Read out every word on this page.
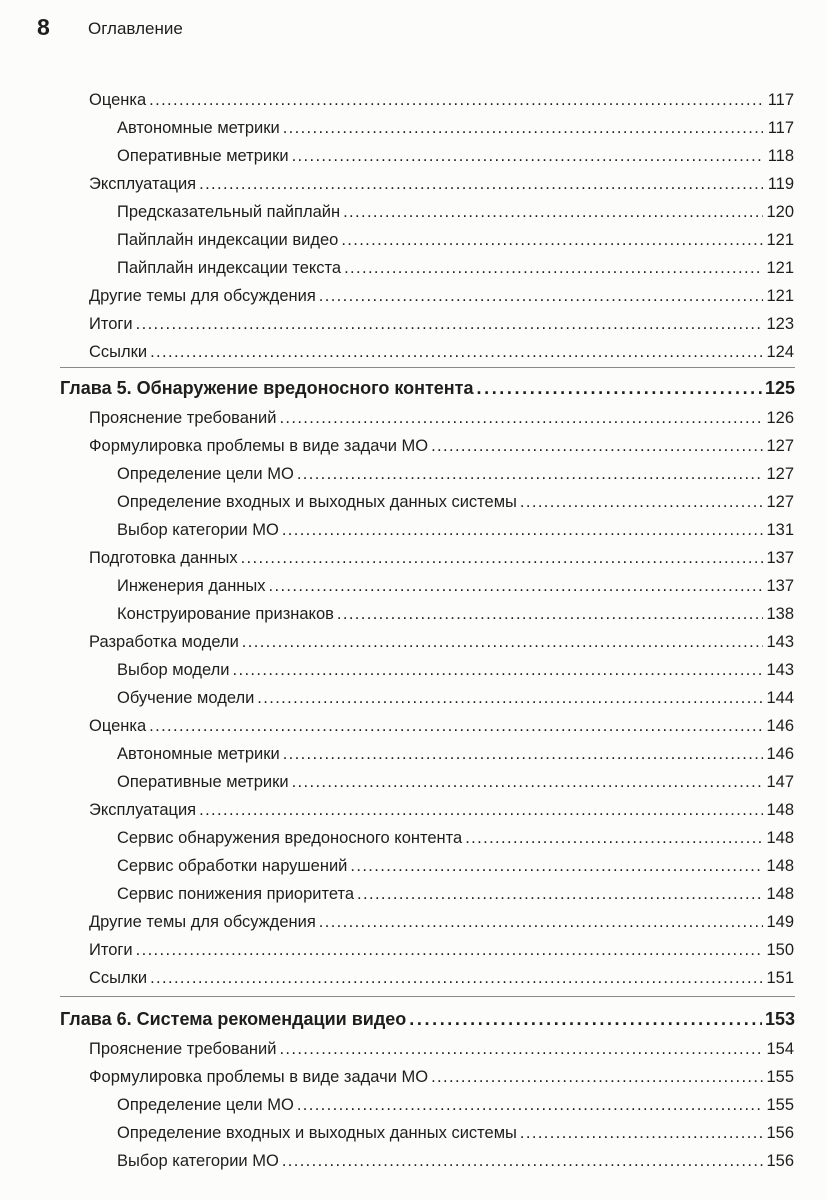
8 Оглавление
Оценка . . .	117
Автономные метрики . . .	117
Оперативные метрики . . .	118
Эксплуатация . . .	119
Предсказательный пайплайн . . .	120
Пайплайн индексации видео . . .	121
Пайплайн индексации текста . . .	121
Другие темы для обсуждения . . .	121
Итоги . . .	123
Ссылки . . .	124
Глава 5. Обнаружение вредоносного контента . . .	125
Прояснение требований . . .	126
Формулировка проблемы в виде задачи МО . . .	127
Определение цели МО . . .	127
Определение входных и выходных данных системы . . .	127
Выбор категории МО . . .	131
Подготовка данных . . .	137
Инженерия данных . . .	137
Конструирование признаков . . .	138
Разработка модели . . .	143
Выбор модели . . .	143
Обучение модели . . .	144
Оценка . . .	146
Автономные метрики . . .	146
Оперативные метрики . . .	147
Эксплуатация . . .	148
Сервис обнаружения вредоносного контента . . .	148
Сервис обработки нарушений . . .	148
Сервис понижения приоритета . . .	148
Другие темы для обсуждения . . .	149
Итоги . . .	150
Ссылки . . .	151
Глава 6. Система рекомендации видео . . .	153
Прояснение требований . . .	154
Формулировка проблемы в виде задачи МО . . .	155
Определение цели МО . . .	155
Определение входных и выходных данных системы . . .	156
Выбор категории МО . . .	156
